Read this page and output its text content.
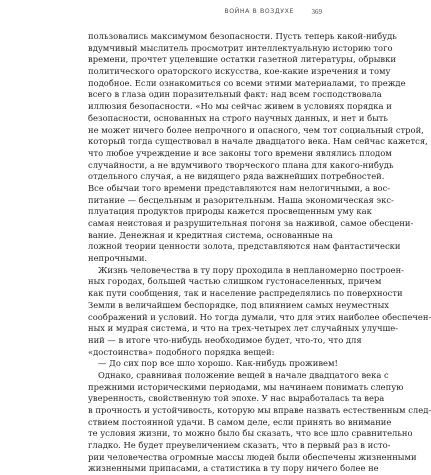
ВОЙНА В ВОЗДУХЕ	369
пользовались максимумом безопасности. Пусть теперь какой-нибудь
вдумчивый мыслитель просмотрит интеллектуальную историю того
времени, прочтет уцелевшие остатки газетной литературы, обрывки
политического ораторского искусства, кое-какие изречения и тому
подобное. Если ознакомиться со всеми этими материалами, то прежде
всего в глаза один поразительный факт: над всем господствовала
иллюзия безопасности. «Но мы сейчас живем в условиях порядка и
безопасности, основанных на строго научных данных, и нет и быть
не может ничего более непрочного и опасного, чем тот социальный строй,
который тогда существовал в начале двадцатого века. Нам сейчас кажется,
что любое учреждение и все законы того времени являлись плодом
случайности, а не вдумчивого творческого плана для какого-нибудь
отдельного случая, а не видящего ряда важнейших потребностей.
Все обычаи того времени представляются нам нелогичными, а вос-
питание — бесцельным и разорительным. Наша экономическая экс-
плуатация продуктов природы кажется просвещенным уму как
самая неистовая и разрушительная погоня за наживой, самое обесцени-
вание. Денежная и кредитная система, основанные на
ложной теории ценности золота, представляются нам фантастически
непрочными.
Жизнь человечества в ту пору проходила в непланомерно построен-
ных городах, большей частью слишком густонаселенных, причем
как пути сообщения, так и население распределялись по поверхности
Земли в величайшем беспорядке, под влиянием самых неуместных
соображений и условий. Но тогда думали, что для этих наиболее обеспечен-
ных и мудрая система, и что на трех-четырех лет случайных улучше-
ний — в итоге что-нибудь необходимое будет, что-то, что для
«достоинства» подобного порядка вещей:
— До сих пор все шло хорошо. Как-нибудь проживем!
Однако, сравнивая положение вещей в начале двадцатого века с
прежними историческими периодами, мы начинаем понимать слепую
уверенность, свойственную той эпохе. У нас выработалась та вера
в прочность и устойчивость, которую мы вправе назвать естественным след-
ствием постоянной удачи. В самом деле, если принять во внимание
те условия жизни, то можно было бы сказать, что все шло сравнительно
гладко. Не будет преувеличением сказать, что в первый раз в исто-
рии человечества огромные массы людей были обеспечены жизненными
жизненными припасами, а статистика в ту пору ничего более не
